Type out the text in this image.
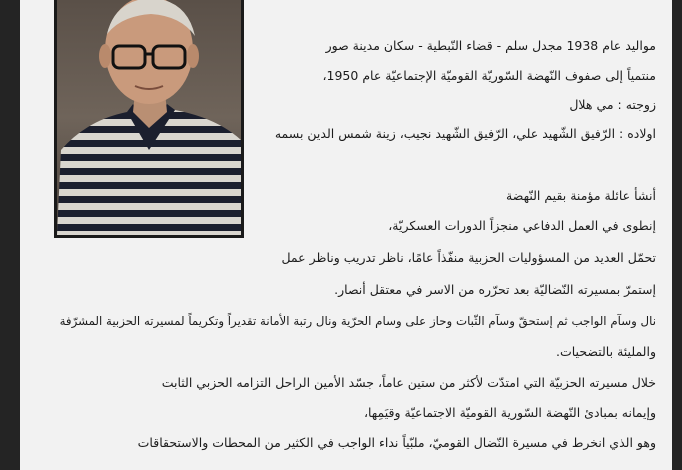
مواليد عام 1938 مجدل سلم - قضاء النّبطية - سكان مدينة صور
منتمياً إلى صفوف النّهضة السّوريّة القوميّة الإجتماعيّة عام 1950،
زوجته : مي هلال
اولاده : الرّفيق الشّهيد علي، الرّفيق الشّهيد نجيب، زينة شمس الدين بسمه
أنشأ عائلة مؤمنة بقيم النّهضة
إنطوى في العمل الدفاعي منجزاً الدورات العسكريّة،
تحمّل العديد من المسؤوليات الحزبية منفّذاً عامًا، ناظر تدريب وناظر عمل
إستمرّ بمسيرته النّضاليّة بعد تحرّره من الاسر في معتقل أنصار.
نال وسآم الواجب ثم إستحقّ وسآم الثّبات وحاز على وسام الحرّية ونال رتبة الأمانة تقديراً وتكريماً لمسيرته الحزبية المشرّفة
والمليئة بالتضحيات.
خلال مسيرته الحزبيّة التي امتدّت لأكثر من ستين عاماً، جسّد الأمين الراحل التزامه الحزبي الثابت
وإيمانه بمبادئ النّهضة السّورية القوميّة الاجتماعيّة وقيَمِها،
وهو الذي انخرط في مسيرة النّضال القوميّ، ملبّياً نداء الواجب في الكثير من المحطات والاستحقاقات
